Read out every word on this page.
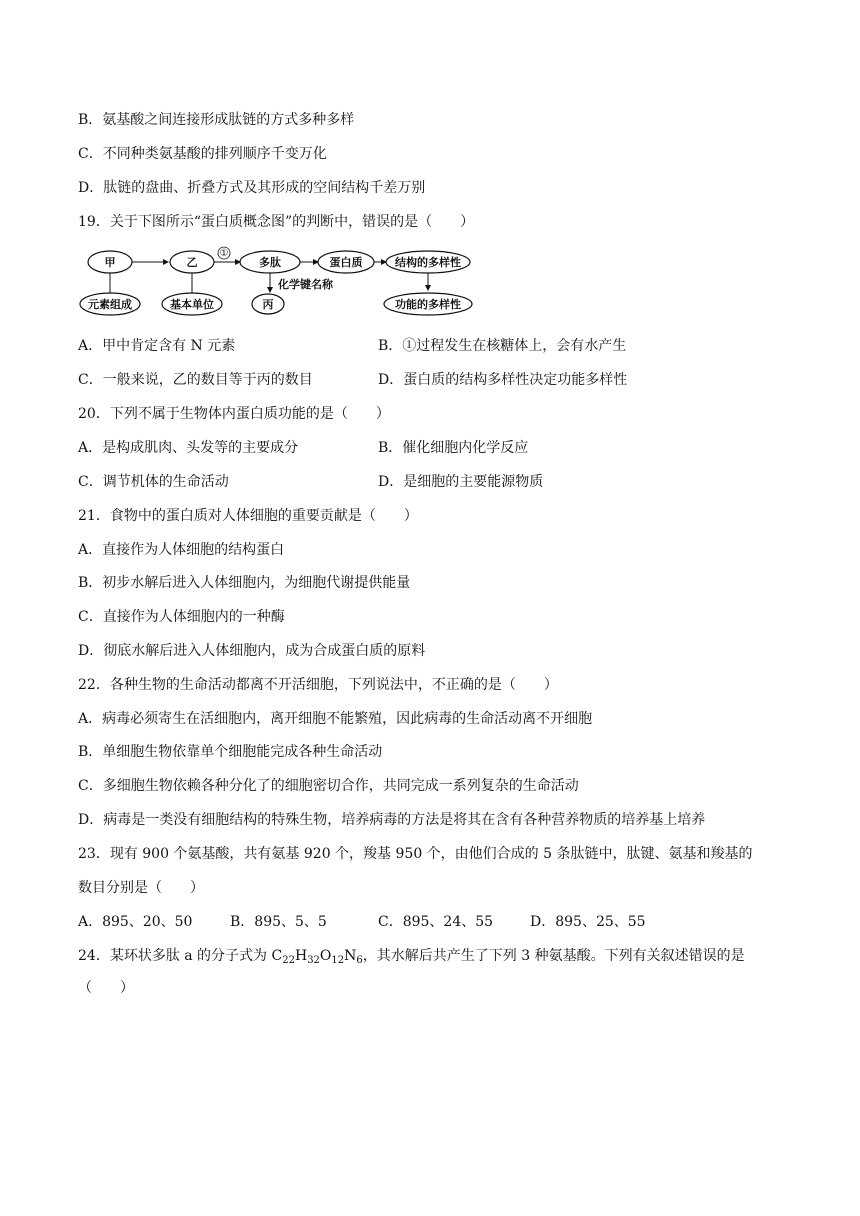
B．氨基酸之间连接形成肽链的方式多种多样
C．不同种类氨基酸的排列顺序千变万化
D．肽链的盘曲、折叠方式及其形成的空间结构千差万别
19．关于下图所示“蛋白质概念图”的判断中，错误的是（　　）
甲	乙
①
多肽	蛋白质	结构的多样性
元素组成	基本单位	丙
化学键名称
功能的多样性
A．甲中肯定含有 N 元素	B．①过程发生在核糖体上，会有水产生
C．一般来说，乙的数目等于丙的数目	D．蛋白质的结构多样性决定功能多样性
20．下列不属于生物体内蛋白质功能的是（　　）
A．是构成肌肉、头发等的主要成分	B．催化细胞内化学反应
C．调节机体的生命活动	D．是细胞的主要能源物质
21．食物中的蛋白质对人体细胞的重要贡献是（　　）
A．直接作为人体细胞的结构蛋白
B．初步水解后进入人体细胞内，为细胞代谢提供能量
C．直接作为人体细胞内的一种酶
D．彻底水解后进入人体细胞内，成为合成蛋白质的原料
22．各种生物的生命活动都离不开活细胞，下列说法中，不正确的是（　　）
A．病毒必须寄生在活细胞内，离开细胞不能繁殖，因此病毒的生命活动离不开细胞
B．单细胞生物依靠单个细胞能完成各种生命活动
C．多细胞生物依赖各种分化了的细胞密切合作，共同完成一系列复杂的生命活动
D．病毒是一类没有细胞结构的特殊生物，培养病毒的方法是将其在含有各种营养物质的培养基上培养
23．现有 900 个氨基酸，共有氨基 920 个，羧基 950 个，由他们合成的 5 条肽链中，肽键、氨基和羧基的
数目分别是（　　）
A．895、20、50	B．895、5、5	C．895、24、55	D．895、25、55
24．某环状多肽 a 的分子式为 $C_{22}H_{32}O_{12}N_6$，其水解后共产生了下列 3 种氨基酸。下列有关叙述错误的是
（　　）
